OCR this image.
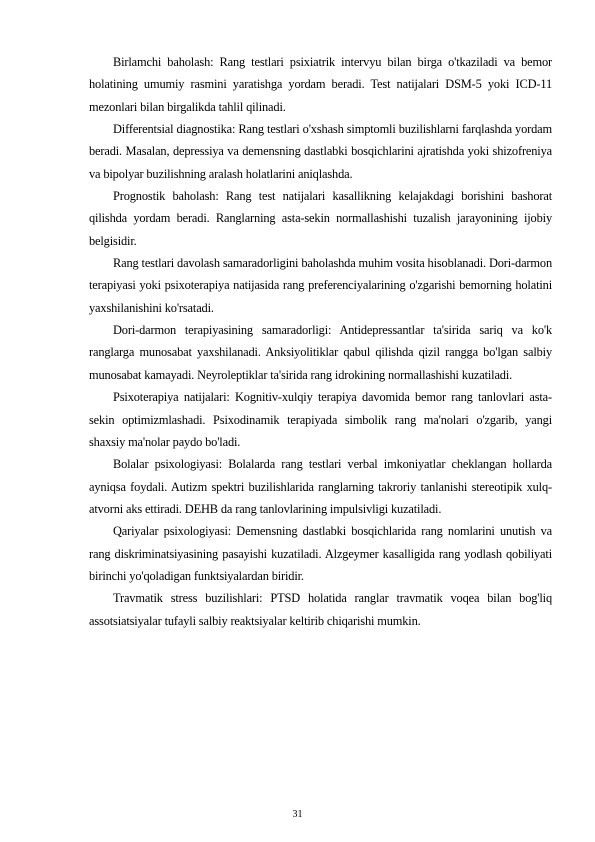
Birlamchi baholash: Rang testlari psixiatrik intervyu bilan birga o'tkaziladi va bemor holatining umumiy rasmini yaratishga yordam beradi. Test natijalari DSM-5 yoki ICD-11 mezonlari bilan birgalikda tahlil qilinadi.

Differentsial diagnostika: Rang testlari o'xshash simptomli buzilishlarni farqlashda yordam beradi. Masalan, depressiya va demensning dastlabki bosqichlarini ajratishda yoki shizofreniya va bipolyar buzilishning aralash holatlarini aniqlashda.

Prognostik baholash: Rang test natijalari kasallikning kelajakdagi borishini bashorat qilishda yordam beradi. Ranglarning asta-sekin normallashishi tuzalish jarayonining ijobiy belgisidir.

Rang testlari davolash samaradorligini baholashda muhim vosita hisoblanadi. Dori-darmon terapiyasi yoki psixoterapiya natijasida rang preferenciyalarining o'zgarishi bemorning holatini yaxshilanishini ko'rsatadi.

Dori-darmon terapiyasining samaradorligi: Antidepressantlar ta'sirida sariq va ko'k ranglarga munosabat yaxshilanadi. Anksiyolitiklar qabul qilishda qizil rangga bo'lgan salbiy munosabat kamayadi. Neyroleptiklar ta'sirida rang idrokining normallashishi kuzatiladi.

Psixoterapiya natijalari: Kognitiv-xulqiy terapiya davomida bemor rang tanlovlari asta-sekin optimizmlashadi. Psixodinamik terapiyada simbolik rang ma'nolari o'zgarib, yangi shaxsiy ma'nolar paydo bo'ladi.

Bolalar psixologiyasi: Bolalarda rang testlari verbal imkoniyatlar cheklangan hollarda ayniqsa foydali. Autizm spektri buzilishlarida ranglarning takroriy tanlanishi stereotipik xulq-atvorni aks ettiradi. DEHB da rang tanlovlarining impulsivligi kuzatiladi.

Qariyalar psixologiyasi: Demensning dastlabki bosqichlarida rang nomlarini unutish va rang diskriminatsiyasining pasayishi kuzatiladi. Alzgeymer kasalligida rang yodlash qobiliyati birinchi yo'qoladigan funktsiyalardan biridir.

Travmatik stress buzilishlari: PTSD holatida ranglar travmatik voqea bilan bog'liq assotsiatsiyalar tufayli salbiy reaktsiyalar keltirib chiqarishi mumkin.

31
